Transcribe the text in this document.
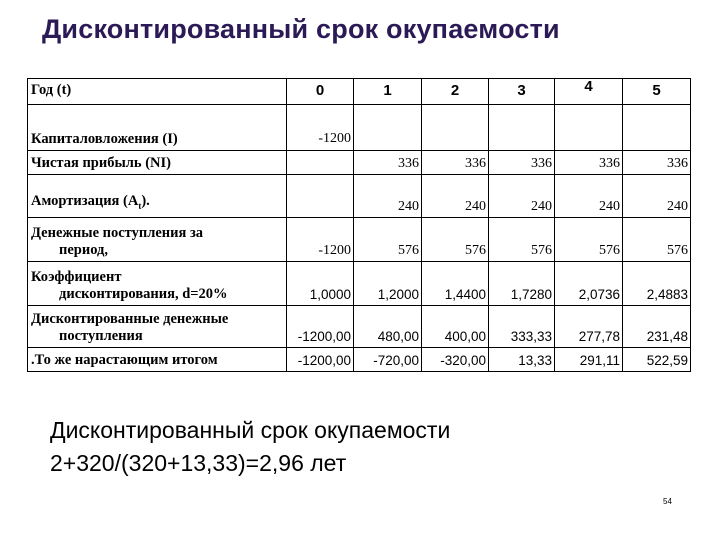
Дисконтированный срок окупаемости
Год (t)	0	1	2	3	4	5
Капиталовложения (I)	-1200					
Чистая прибыль (NI)		336	336	336	336	336
Амортизация $(A_t)$.		240	240	240	240	240
Денежные поступления за
период,	-1200	576	576	576	576	576
Коэффициент
дисконтирования, d=20%	1,0000	1,2000	1,4400	1,7280	2,0736	2,4883
Дисконтированные денежные
поступления	-1200,00	480,00	400,00	333,33	277,78	231,48
.То же нарастающим итогом	-1200,00	-720,00	-320,00	13,33	291,11	522,59
Дисконтированный срок окупаемости
2+320/(320+13,33)=2,96 лет
54
